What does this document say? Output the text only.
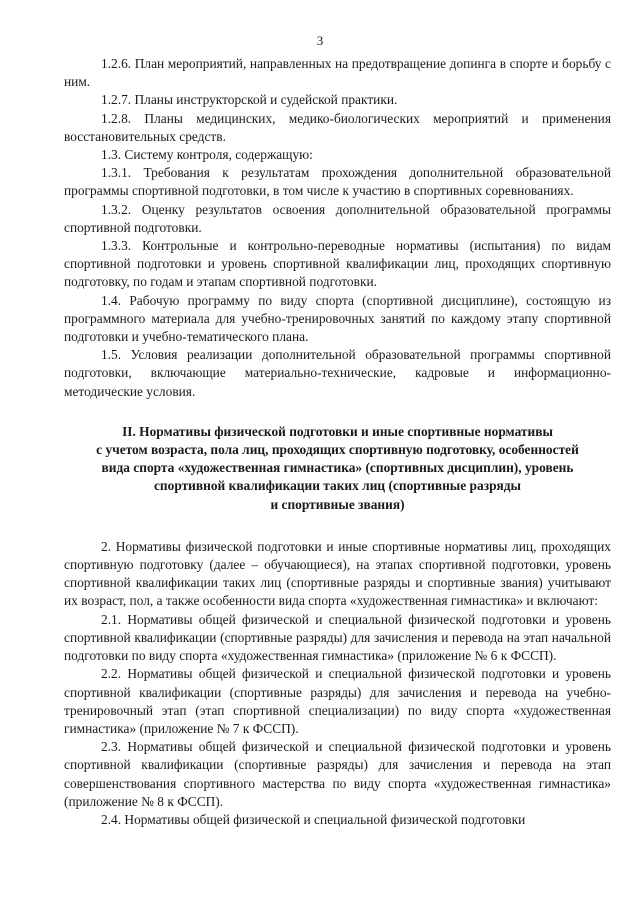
3

1.2.6. План мероприятий, направленных на предотвращение допинга в спорте и борьбу с ним.

1.2.7. Планы инструкторской и судейской практики.

1.2.8. Планы медицинских, медико-биологических мероприятий и применения восстановительных средств.

1.3. Систему контроля, содержащую:

1.3.1. Требования к результатам прохождения дополнительной образовательной программы спортивной подготовки, в том числе к участию в спортивных соревнованиях.

1.3.2. Оценку результатов освоения дополнительной образовательной программы спортивной подготовки.

1.3.3. Контрольные и контрольно-переводные нормативы (испытания) по видам спортивной подготовки и уровень спортивной квалификации лиц, проходящих спортивную подготовку, по годам и этапам спортивной подготовки.

1.4. Рабочую программу по виду спорта (спортивной дисциплине), состоящую из программного материала для учебно-тренировочных занятий по каждому этапу спортивной подготовки и учебно-тематического плана.

1.5. Условия реализации дополнительной образовательной программы спортивной подготовки, включающие материально-технические, кадровые и информационно-методические условия.

II. Нормативы физической подготовки и иные спортивные нормативы
с учетом возраста, пола лиц, проходящих спортивную подготовку, особенностей
вида спорта «художественная гимнастика» (спортивных дисциплин), уровень
спортивной квалификации таких лиц (спортивные разряды
и спортивные звания)

2. Нормативы физической подготовки и иные спортивные нормативы лиц, проходящих спортивную подготовку (далее – обучающиеся), на этапах спортивной подготовки, уровень спортивной квалификации таких лиц (спортивные разряды и спортивные звания) учитывают их возраст, пол, а также особенности вида спорта «художественная гимнастика» и включают:

2.1. Нормативы общей физической и специальной физической подготовки и уровень спортивной квалификации (спортивные разряды) для зачисления и перевода на этап начальной подготовки по виду спорта «художественная гимнастика» (приложение № 6 к ФССП).

2.2. Нормативы общей физической и специальной физической подготовки и уровень спортивной квалификации (спортивные разряды) для зачисления и перевода на учебно-тренировочный этап (этап спортивной специализации) по виду спорта «художественная гимнастика» (приложение № 7 к ФССП).

2.3. Нормативы общей физической и специальной физической подготовки и уровень спортивной квалификации (спортивные разряды) для зачисления и перевода на этап совершенствования спортивного мастерства по виду спорта «художественная гимнастика» (приложение № 8 к ФССП).

2.4. Нормативы общей физической и специальной физической подготовки
